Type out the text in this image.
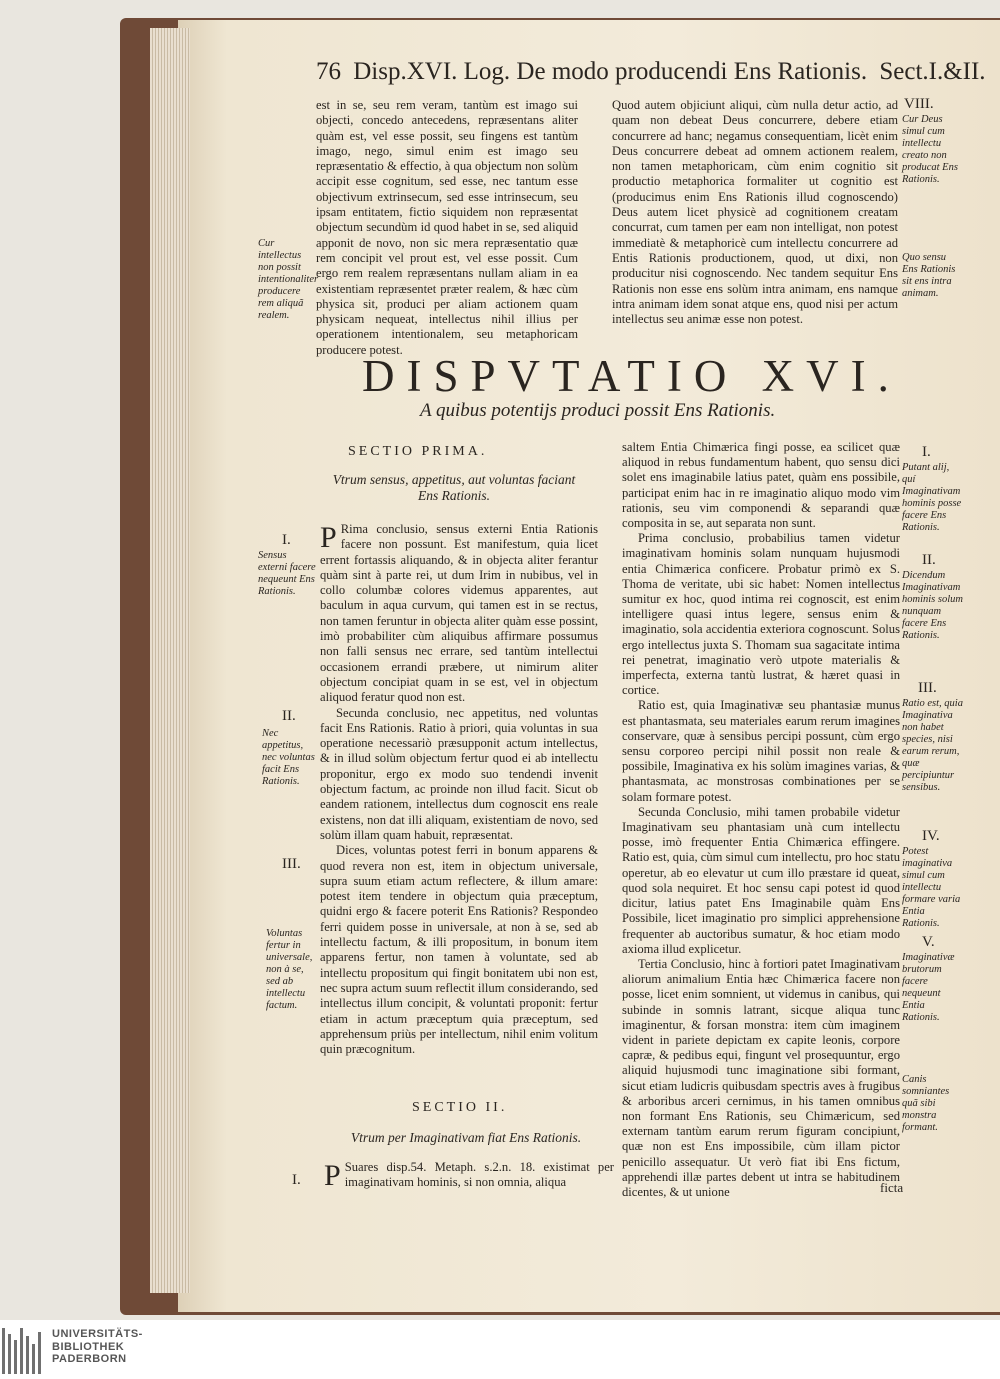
76 Disp.XVI. Log. De modo producendi Ens Rationis. Sect.I.&II.

est in se, seu rem veram, tantùm est imago sui objecti, concedo antecedens, repræsentans aliter quàm est, vel esse possit, seu fingens est tantùm imago, nego, simul enim est imago seu repræsentatio & effectio, à qua objectum non solùm accipit esse cognitum, sed esse, nec tantum esse objectivum extrinsecum, sed esse intrinsecum, seu ipsam entitatem, fictio siquidem non repræsentat objectum secundùm id quod habet in se, sed aliquid apponit de novo, non sic mera repræsentatio quæ rem concipit vel prout est, vel esse possit. Cum ergo rem realem repræsentans nullam aliam in ea existentiam repræsentet præter realem, & hæc cùm physica sit, produci per aliam actionem quam physicam nequeat, intellectus nihil illius per operationem intentionalem, seu metaphoricam producere potest.

Cur intellectus non possit intentionaliter producere rem aliquã realem.

Quod autem objiciunt aliqui, cùm nulla detur actio, ad quam non debeat Deus concurrere, debere etiam concurrere ad hanc; negamus consequentiam, licèt enim Deus concurrere debeat ad omnem actionem realem, non tamen metaphoricam, cùm enim cognitio sit productio metaphorica formaliter ut cognitio est (producimus enim Ens Rationis illud cognoscendo) Deus autem licet physicè ad cognitionem creatam concurrat, cum tamen per eam non intelligat, non potest immediatè & metaphoricè cum intellectu concurrere ad Entis Rationis productionem, quod, ut dixi, non producitur nisi cognoscendo. Nec tandem sequitur Ens Rationis non esse ens solùm intra animam, ens namque intra animam idem sonat atque ens, quod nisi per actum intellectus seu animæ esse non potest.

VIII.
Cur Deus simul cum intellectu creato non producat Ens Rationis.
Quo sensu Ens Rationis sit ens intra animam.
DISPVTATIO XVI.
A quibus potentijs produci possit Ens Rationis.
SECTIO PRIMA.
Vtrum sensus, appetitus, aut voluntas faciant Ens Rationis.

P Rima conclusio, sensus externi Entia Rationis facere non possunt. Est manifestum, quia licet errent fortassis aliquando, & in objecta aliter ferantur quàm sint à parte rei, ut dum Irim in nubibus, vel in collo columbæ colores videmus apparentes, aut baculum in aqua curvum, qui tamen est in se rectus, non tamen feruntur in objecta aliter quàm esse possint, imò probabiliter cùm aliquibus affirmare possumus non falli sensus nec errare, sed tantùm intellectui occasionem errandi præbere, ut nimirum aliter objectum concipiat quam in se est, vel in objectum aliquod feratur quod non est.

Secunda conclusio, nec appetitus, ned voluntas facit Ens Rationis. Ratio à priori, quia voluntas in sua operatione necessariò præsupponit actum intellectus, & in illud solùm objectum fertur quod ei ab intellectu proponitur, ergo ex modo suo tendendi invenit objectum factum, ac proinde non illud facit. Sicut ob eandem rationem, intellectus dum cognoscit ens reale existens, non dat illi aliquam, existentiam de novo, sed solùm illam quam habuit, repræsentat.

Dices, voluntas potest ferri in bonum apparens & quod revera non est, item in objectum universale, supra suum etiam actum reflectere, & illum amare: potest item tendere in objectum quia præceptum, quidni ergo & facere poterit Ens Rationis? Respondeo ferri quidem posse in universale, at non à se, sed ab intellectu factum, & illi propositum, in bonum item apparens fertur, non tamen à voluntate, sed ab intellectu propositum qui fingit bonitatem ubi non est, nec supra actum suum reflectit illum considerando, sed intellectus illum concipit, & voluntati proponit: fertur etiam in actum præceptum quia præceptum, sed apprehensum priùs per intellectum, nihil enim volitum quin præcognitum.

I.
Sensus externi facere nequeunt Ens Rationis.
II.
Nec appetitus, nec voluntas facit Ens Rationis.
III.
Voluntas fertur in universale, non à se, sed ab intellectu factum.
SECTIO II.
Vtrum per Imaginativam fiat Ens Rationis.

P Suares disp.54. Metaph. s.2.n. 18. existimat per imaginativam hominis, si non omnia, aliqua

I.

saltem Entia Chimærica fingi posse, ea scilicet quæ aliquod in rebus fundamentum habent, quo sensu dici solet ens imaginabile latius patet, quàm ens possibile, participat enim hac in re imaginatio aliquo modo vim rationis, seu vim componendi & separandi quæ composita in se, aut separata non sunt.

Prima conclusio, probabilius tamen videtur imaginativam hominis solam nunquam hujusmodi entia Chimærica conficere. Probatur primò ex S. Thoma de veritate, ubi sic habet: Nomen intellectus sumitur ex hoc, quod intima rei cognoscit, est enim intelligere quasi intus legere, sensus enim & imaginatio, sola accidentia exteriora cognoscunt. Solus ergo intellectus juxta S. Thomam sua sagacitate intima rei penetrat, imaginatio verò utpote materialis & imperfecta, externa tantù lustrat, & hæret quasi in cortice.

Ratio est, quia Imaginativæ seu phantasiæ munus est phantasmata, seu materiales earum rerum imagines conservare, quæ à sensibus percipi possunt, cùm ergo sensu corporeo percipi nihil possit non reale & possibile, Imaginativa ex his solùm imagines varias, & phantasmata, ac monstrosas combinationes per se solam formare potest.

Secunda Conclusio, mihi tamen probabile videtur Imaginativam seu phantasiam unà cum intellectu posse, imò frequenter Entia Chimærica effingere. Ratio est, quia, cùm simul cum intellectu, pro hoc statu operetur, ab eo elevatur ut cum illo præstare id queat, quod sola nequiret. Et hoc sensu capi potest id quod dicitur, latius patet Ens Imaginabile quàm Ens Possibile, licet imaginatio pro simplici apprehensione frequenter ab auctoribus sumatur, & hoc etiam modo axioma illud explicetur.

Tertia Conclusio, hinc à fortiori patet Imaginativam aliorum animalium Entia hæc Chimærica facere non posse, licet enim somnient, ut videmus in canibus, qui subinde in somnis latrant, sicque aliqua tunc imaginentur, & forsan monstra: item cùm imaginem vident in pariete depictam ex capite leonis, corpore capræ, & pedibus equi, fingunt vel prosequuntur, ergo aliquid hujusmodi tunc imaginatione sibi formant, sicut etiam ludicris quibusdam spectris aves à frugibus & arboribus arceri cernimus, in his tamen omnibus non formant Ens Rationis, seu Chimæricum, sed externam tantùm earum rerum figuram concipiunt, quæ non est Ens impossibile, cùm illam pictor penicillo assequatur. Ut verò fiat ibi Ens fictum, apprehendi illæ partes debent ut intra se habitudinem dicentes, & ut unione

I.
Putant alij, quí Imaginativam hominis posse facere Ens Rationis.
II.
Dicendum Imaginativam hominis solum nunquam facere Ens Rationis.
III.
Ratio est, quia Imaginativa non habet species, nisi earum rerum, quæ percipiuntur sensibus.
IV.
Potest imaginativa simul cum intellectu formare varia Entia Rationis.
V.
Imaginativæ brutorum facere nequeunt Entia Rationis.
Canis somniantes quã sibi monstra formant.
ficta
UNIVERSITÄTS-
BIBLIOTHEK
PADERBORN
